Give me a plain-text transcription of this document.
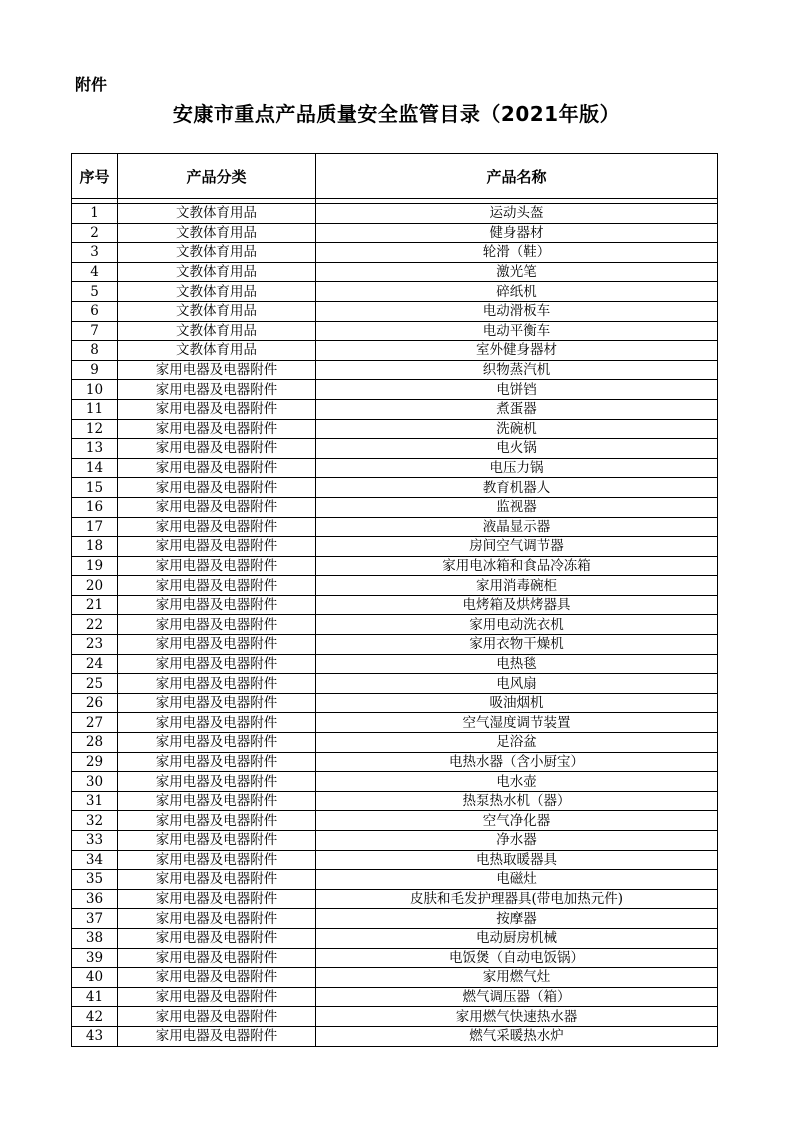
附件
安康市重点产品质量安全监管目录（2021年版）
序号	产品分类	产品名称

1	文教体育用品	运动头盔
2	文教体育用品	健身器材
3	文教体育用品	轮滑（鞋）
4	文教体育用品	激光笔
5	文教体育用品	碎纸机
6	文教体育用品	电动滑板车
7	文教体育用品	电动平衡车
8	文教体育用品	室外健身器材
9	家用电器及电器附件	织物蒸汽机
10	家用电器及电器附件	电饼铛
11	家用电器及电器附件	煮蛋器
12	家用电器及电器附件	洗碗机
13	家用电器及电器附件	电火锅
14	家用电器及电器附件	电压力锅
15	家用电器及电器附件	教育机器人
16	家用电器及电器附件	监视器
17	家用电器及电器附件	液晶显示器
18	家用电器及电器附件	房间空气调节器
19	家用电器及电器附件	家用电冰箱和食品冷冻箱
20	家用电器及电器附件	家用消毒碗柜
21	家用电器及电器附件	电烤箱及烘烤器具
22	家用电器及电器附件	家用电动洗衣机
23	家用电器及电器附件	家用衣物干燥机
24	家用电器及电器附件	电热毯
25	家用电器及电器附件	电风扇
26	家用电器及电器附件	吸油烟机
27	家用电器及电器附件	空气湿度调节装置
28	家用电器及电器附件	足浴盆
29	家用电器及电器附件	电热水器（含小厨宝）
30	家用电器及电器附件	电水壶
31	家用电器及电器附件	热泵热水机（器）
32	家用电器及电器附件	空气净化器
33	家用电器及电器附件	净水器
34	家用电器及电器附件	电热取暖器具
35	家用电器及电器附件	电磁灶
36	家用电器及电器附件	皮肤和毛发护理器具(带电加热元件)
37	家用电器及电器附件	按摩器
38	家用电器及电器附件	电动厨房机械
39	家用电器及电器附件	电饭煲（自动电饭锅）
40	家用电器及电器附件	家用燃气灶
41	家用电器及电器附件	燃气调压器（箱）
42	家用电器及电器附件	家用燃气快速热水器
43	家用电器及电器附件	燃气采暖热水炉
